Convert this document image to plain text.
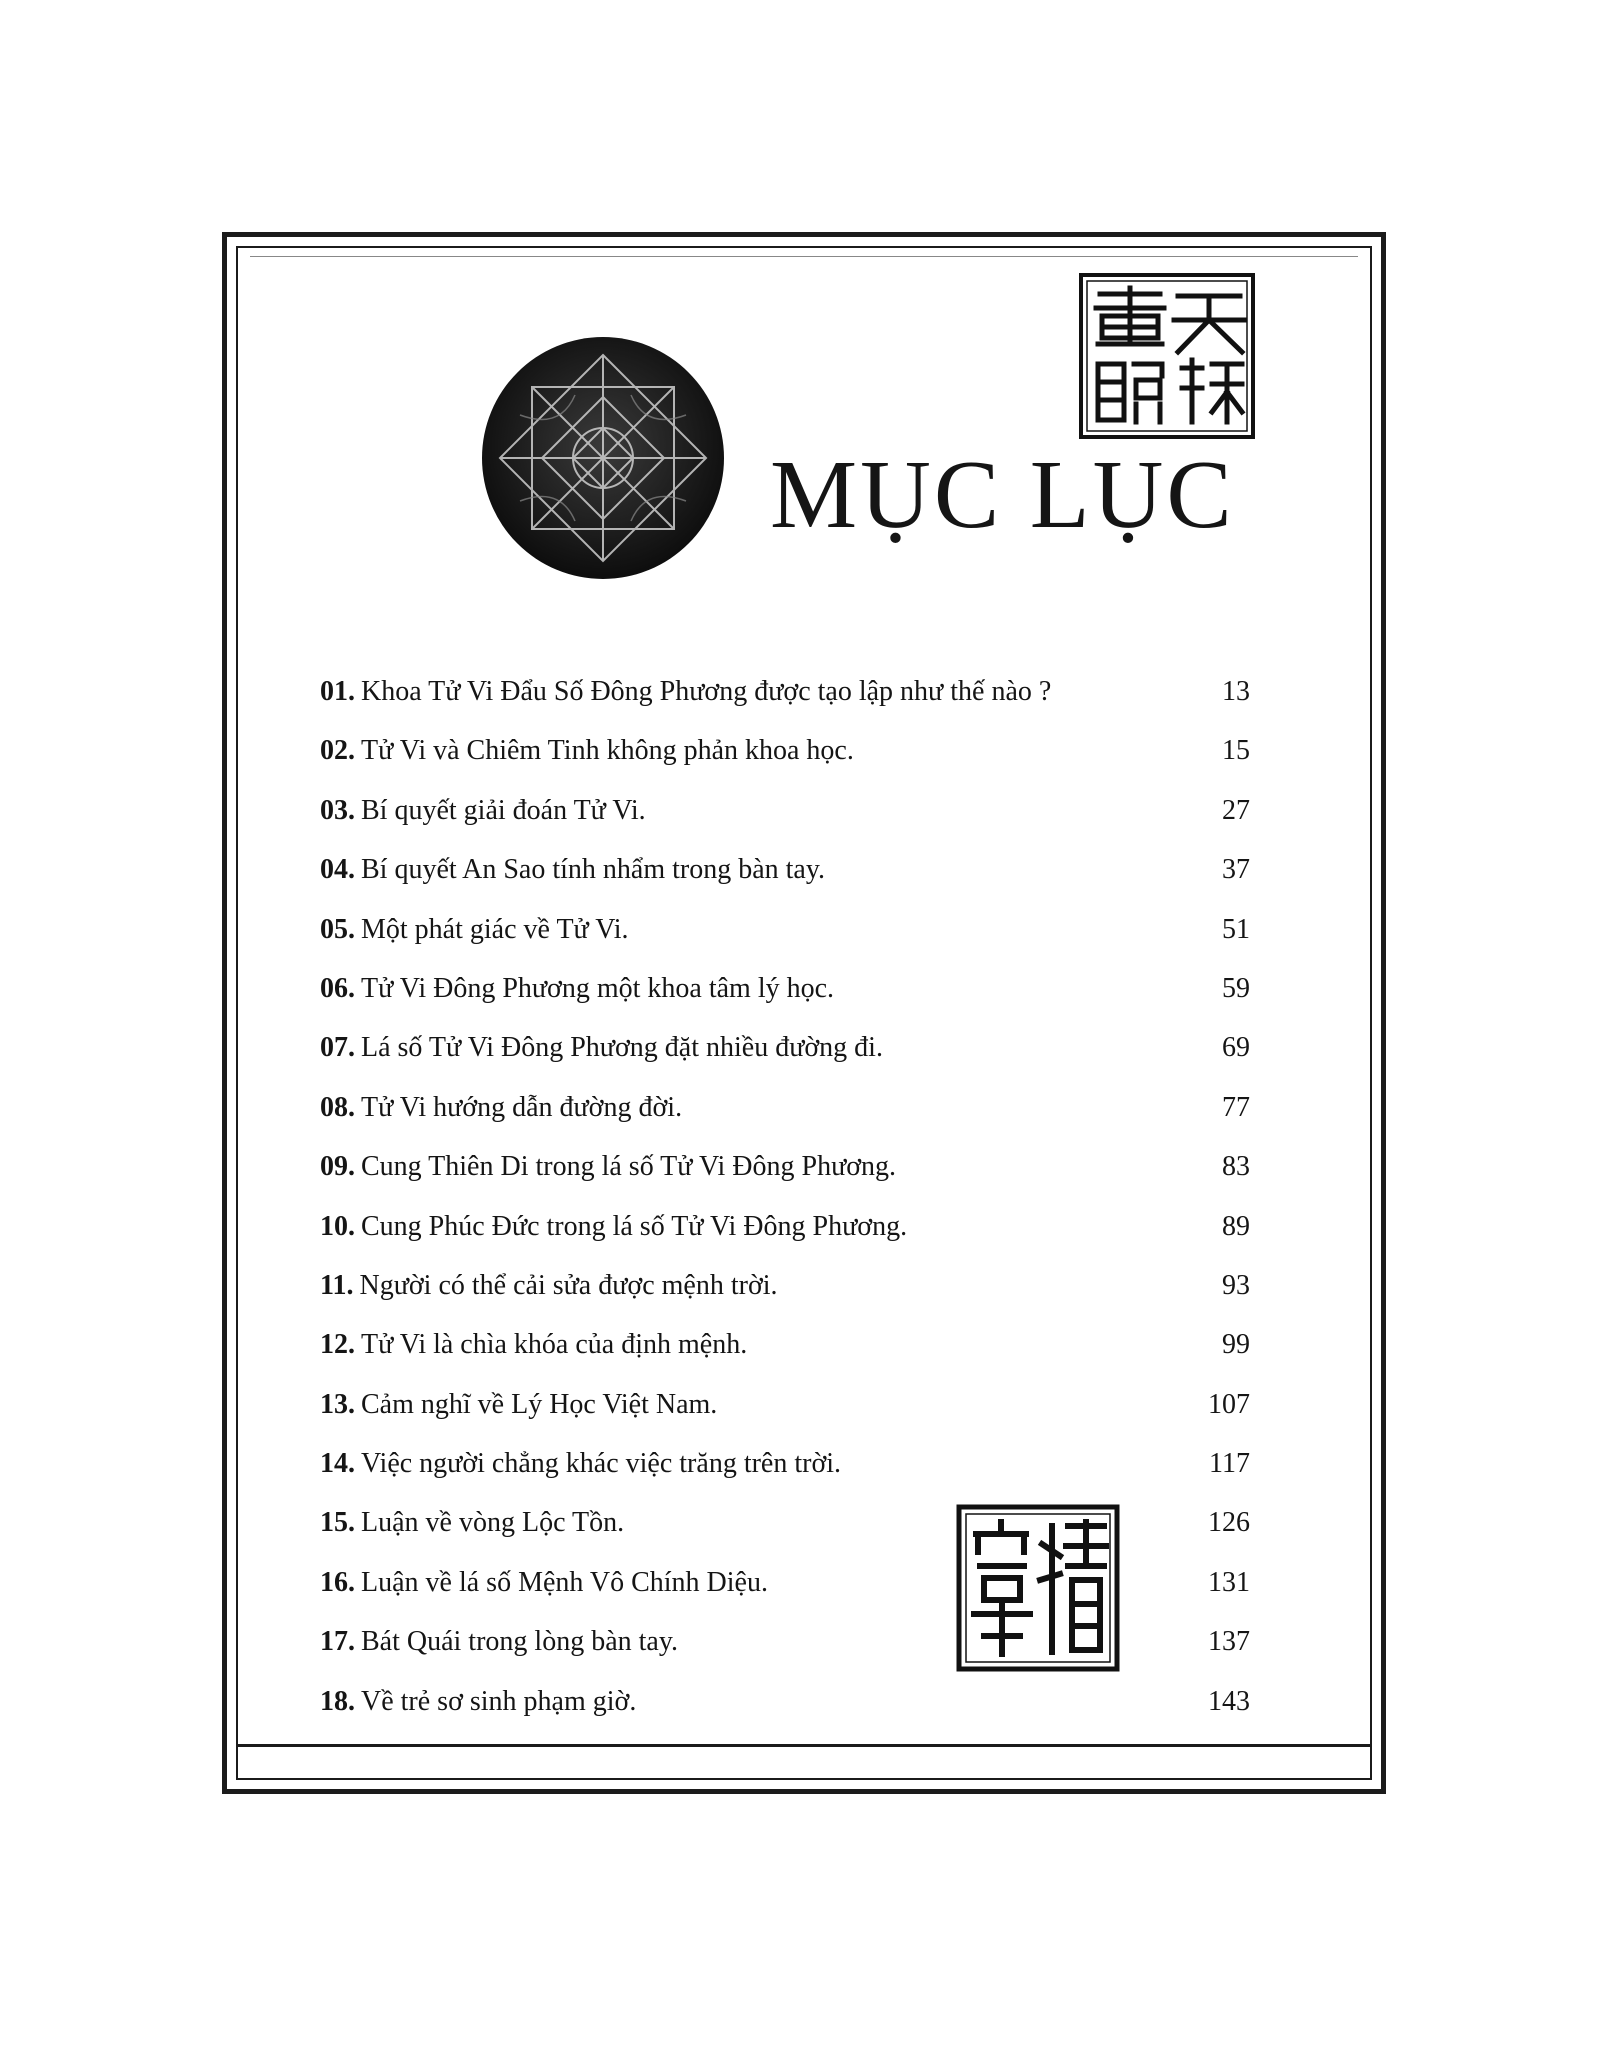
MỤC LỤC
01. Khoa Tử Vi Đẩu Số Đông Phương được tạo lập như thế nào ?	13
02. Tử Vi và Chiêm Tinh không phản khoa học.	15
03. Bí quyết giải đoán Tử Vi.	27
04. Bí quyết An Sao tính nhẩm trong bàn tay.	37
05. Một phát giác về Tử Vi.	51
06. Tử Vi Đông Phương một khoa tâm lý học.	59
07. Lá số Tử Vi Đông Phương đặt nhiều đường đi.	69
08. Tử Vi hướng dẫn đường đời.	77
09. Cung Thiên Di trong lá số Tử Vi Đông Phương.	83
10. Cung Phúc Đức trong lá số Tử Vi Đông Phương.	89
11. Người có thể cải sửa được mệnh trời.	93
12. Tử Vi là chìa khóa của định mệnh.	99
13. Cảm nghĩ về Lý Học Việt Nam.	107
14. Việc người chẳng khác việc trăng trên trời.	117
15. Luận về vòng Lộc Tồn.	126
16. Luận về lá số Mệnh Vô Chính Diệu.	131
17. Bát Quái trong lòng bàn tay.	137
18. Về trẻ sơ sinh phạm giờ.	143
